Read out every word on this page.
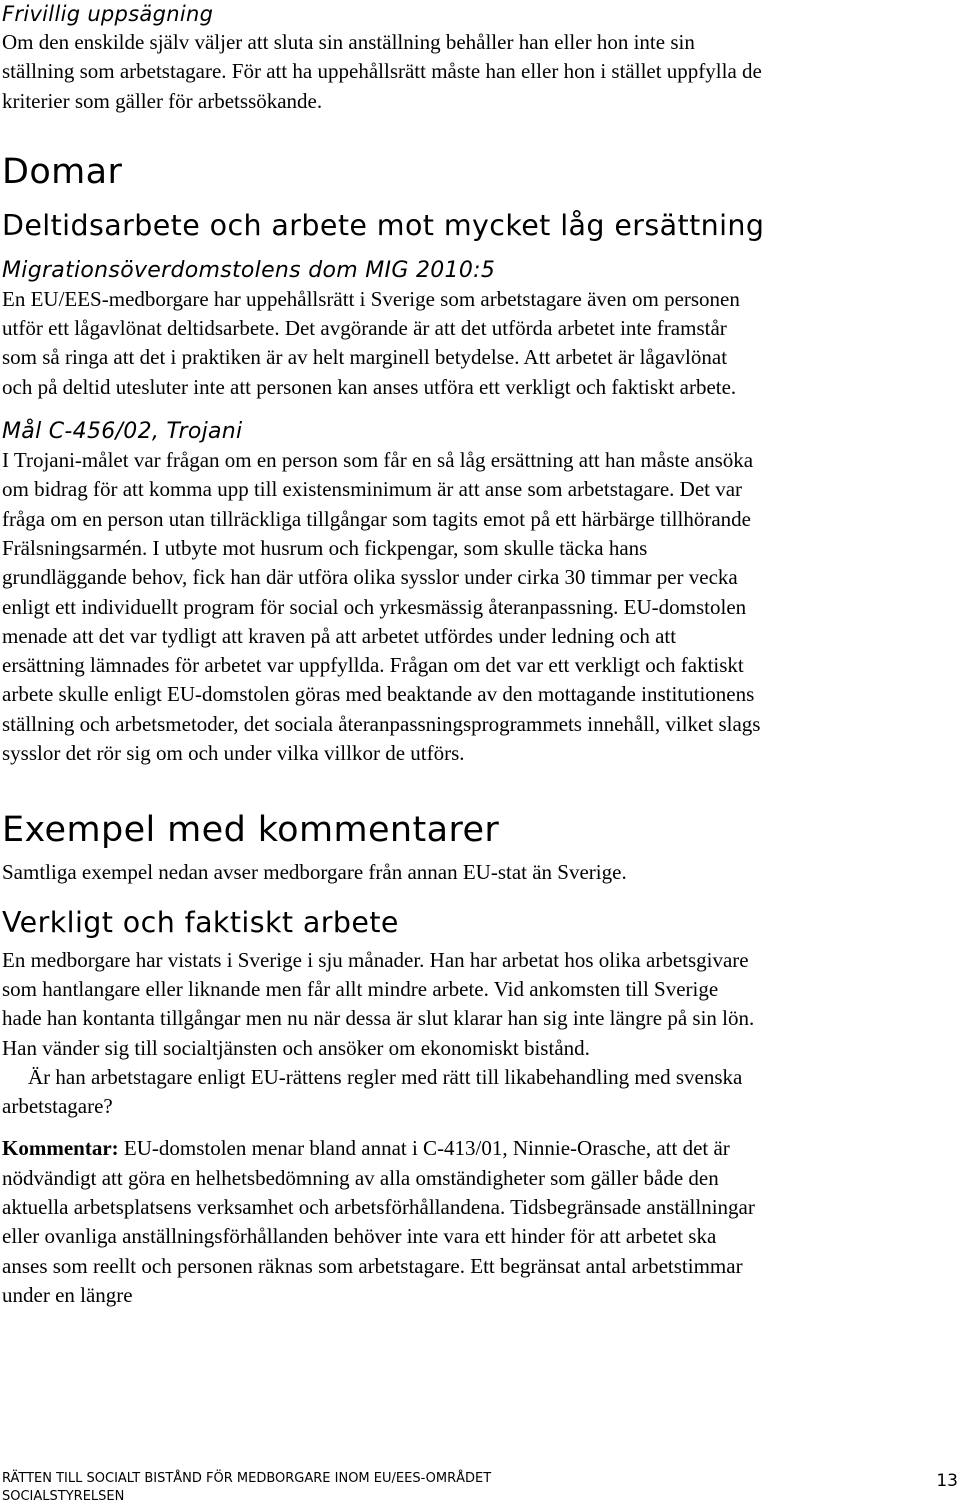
Frivillig uppsägning

Om den enskilde själv väljer att sluta sin anställning behåller han eller hon inte sin ställning som arbetstagare. För att ha uppehållsrätt måste han eller hon i stället uppfylla de kriterier som gäller för arbetssökande.

Domar
Deltidsarbete och arbete mot mycket låg ersättning
Migrationsöverdomstolens dom MIG 2010:5

En EU/EES-medborgare har uppehållsrätt i Sverige som arbetstagare även om personen utför ett lågavlönat deltidsarbete. Det avgörande är att det utförda arbetet inte framstår som så ringa att det i praktiken är av helt marginell betydelse. Att arbetet är lågavlönat och på deltid utesluter inte att personen kan anses utföra ett verkligt och faktiskt arbete.

Mål C-456/02, Trojani

I Trojani-målet var frågan om en person som får en så låg ersättning att han måste ansöka om bidrag för att komma upp till existensminimum är att anse som arbetstagare. Det var fråga om en person utan tillräckliga tillgångar som tagits emot på ett härbärge tillhörande Frälsningsarmén. I utbyte mot husrum och fickpengar, som skulle täcka hans grundläggande behov, fick han där utföra olika sysslor under cirka 30 timmar per vecka enligt ett individuellt program för social och yrkesmässig återanpassning. EU-domstolen menade att det var tydligt att kraven på att arbetet utfördes under ledning och att ersättning lämnades för arbetet var uppfyllda. Frågan om det var ett verkligt och faktiskt arbete skulle enligt EU-domstolen göras med beaktande av den mottagande institutionens ställning och arbetsmetoder, det sociala återanpassningsprogrammets innehåll, vilket slags sysslor det rör sig om och under vilka villkor de utförs.

Exempel med kommentarer

Samtliga exempel nedan avser medborgare från annan EU-stat än Sverige.

Verkligt och faktiskt arbete

En medborgare har vistats i Sverige i sju månader. Han har arbetat hos olika arbetsgivare som hantlangare eller liknande men får allt mindre arbete. Vid ankomsten till Sverige hade han kontanta tillgångar men nu när dessa är slut klarar han sig inte längre på sin lön. Han vänder sig till socialtjänsten och ansöker om ekonomiskt bistånd.

Är han arbetstagare enligt EU-rättens regler med rätt till likabehandling med svenska arbetstagare?

Kommentar: EU-domstolen menar bland annat i C-413/01, Ninnie-Orasche, att det är nödvändigt att göra en helhetsbedömning av alla omständigheter som gäller både den aktuella arbetsplatsens verksamhet och arbetsförhållandena. Tidsbegränsade anställningar eller ovanliga anställningsförhållanden behöver inte vara ett hinder för att arbetet ska anses som reellt och personen räknas som arbetstagare. Ett begränsat antal arbetstimmar under en längre

RÄTTEN TILL SOCIALT BISTÅND FÖR MEDBORGARE INOM EU/EES-OMRÅDET
SOCIALSTYRELSEN
13
